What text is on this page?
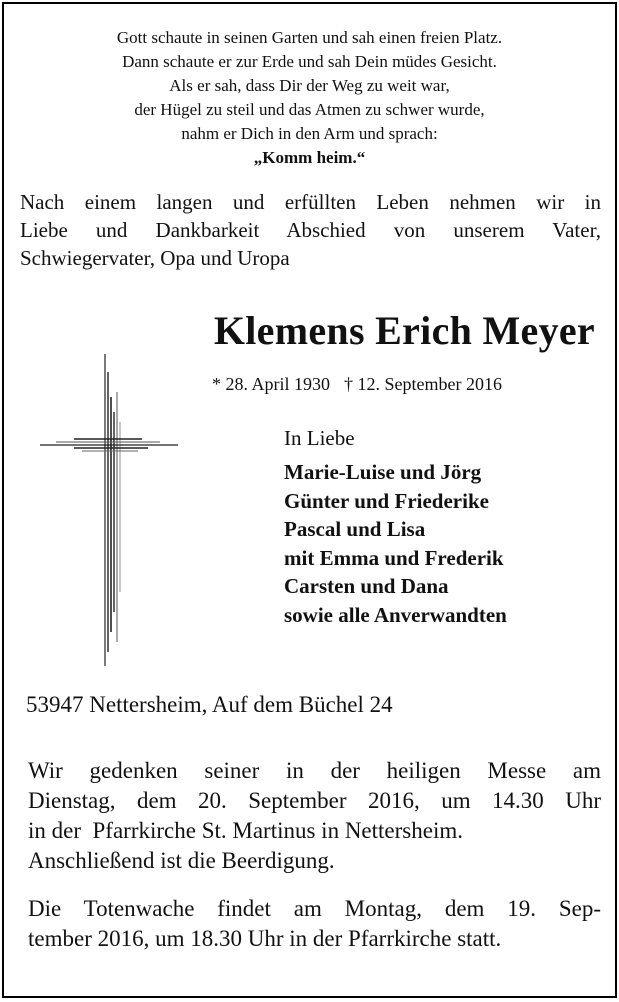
Gott schaute in seinen Garten und sah einen freien Platz.
Dann schaute er zur Erde und sah Dein müdes Gesicht.
Als er sah, dass Dir der Weg zu weit war,
der Hügel zu steil und das Atmen zu schwer wurde,
nahm er Dich in den Arm und sprach:
„Komm heim.“
Nach einem langen und erfüllten Leben nehmen wir in
Liebe und Dankbarkeit Abschied von unserem Vater,
Schwiegervater, Opa und Uropa
Klemens Erich Meyer
* 28. April 1930 † 12. September 2016
In Liebe
Marie-Luise und Jörg
Günter und Friederike
Pascal und Lisa
mit Emma und Frederik
Carsten und Dana
sowie alle Anverwandten
53947 Nettersheim, Auf dem Büchel 24
Wir gedenken seiner in der heiligen Messe am
Dienstag, dem 20. September 2016, um 14.30 Uhr
in der  Pfarrkirche St. Martinus in Nettersheim.
Anschließend ist die Beerdigung.
Die Totenwache findet am Montag, dem 19. Sep-
tember 2016, um 18.30 Uhr in der Pfarrkirche statt.
